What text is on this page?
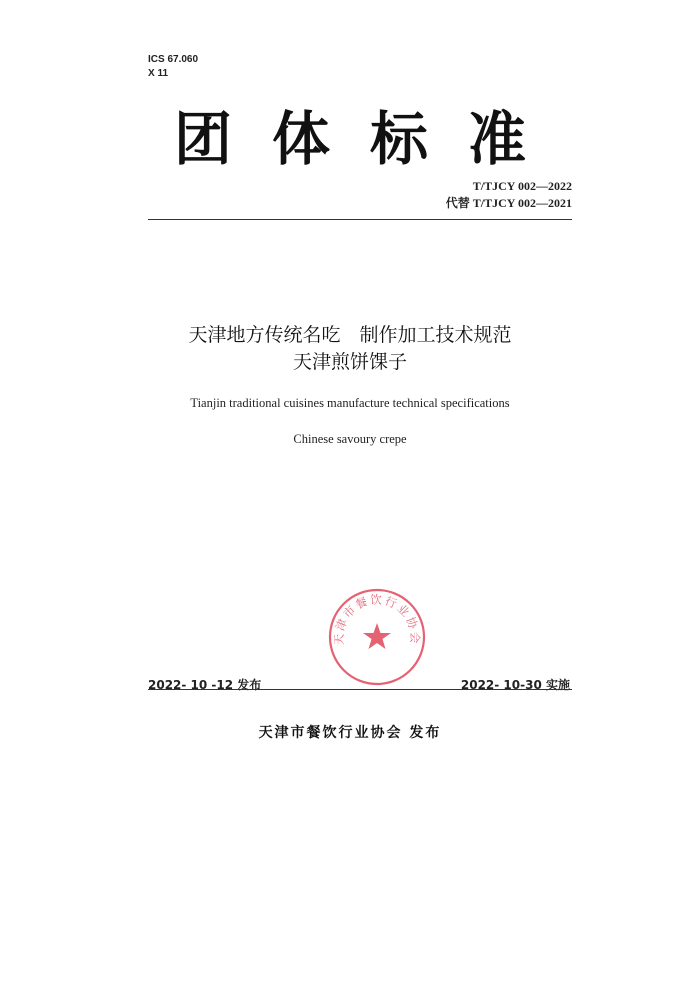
ICS 67.060
X 11
团体标准
T/TJCY 002—2022
代替 T/TJCY 002—2021
天津地方传统名吃　制作加工技术规范
天津煎饼馃子
Tianjin traditional cuisines manufacture technical specifications
Chinese savoury crepe
天津市餐饮行业协会
2022- 10 -12 发布	2022- 10-30 实施
天津市餐饮行业协会 发布
